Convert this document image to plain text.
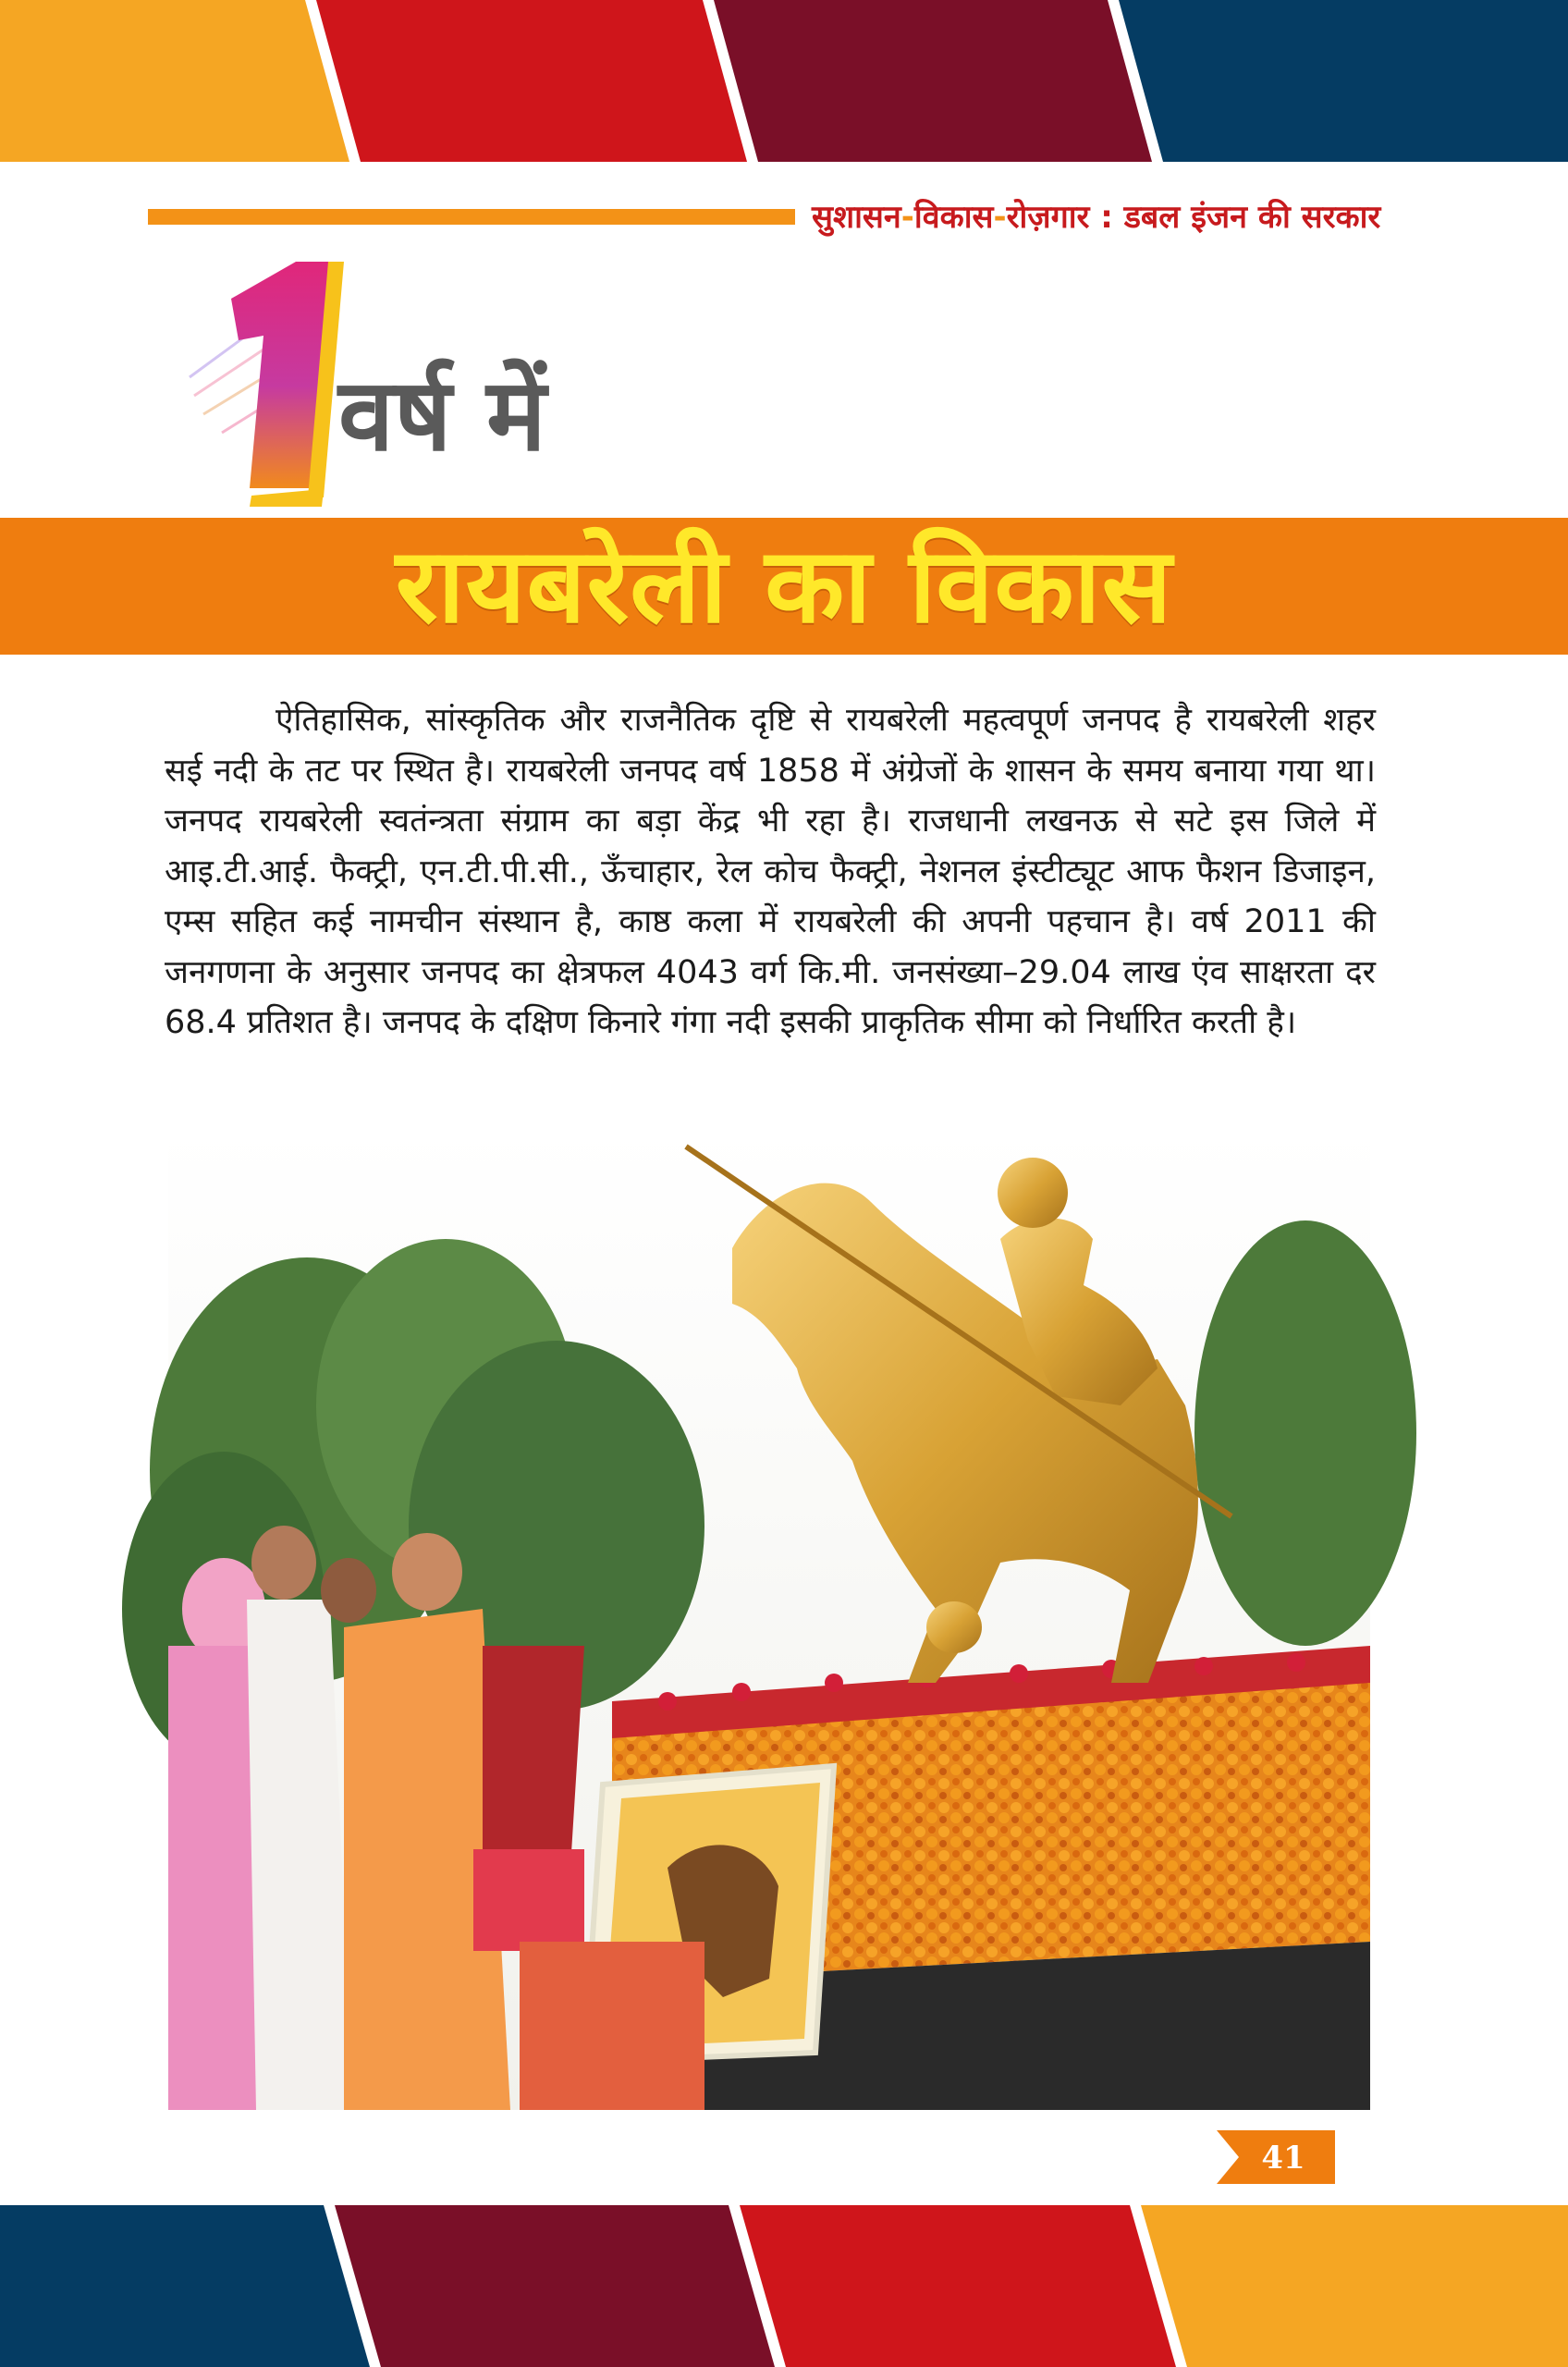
सुशासन-विकास-रोज़गार : डबल इंजन की सरकार
1
वर्ष में
रायबरेली का विकास
ऐतिहासिक, सांस्कृतिक और राजनैतिक दृष्टि से रायबरेली महत्वपूर्ण जनपद है रायबरेली शहर सई नदी के तट पर स्थित है। रायबरेली जनपद वर्ष 1858 में अंग्रेजों के शासन के समय बनाया गया था। जनपद रायबरेली स्वतंन्त्रता संग्राम का बड़ा केंद्र भी रहा है। राजधानी लखनऊ से सटे इस जिले में आइ.टी.आई. फैक्ट्री, एन.टी.पी.सी., ऊँचाहार, रेल कोच फैक्ट्री, नेशनल इंस्टीट्यूट आफ फैशन डिजाइन, एम्स सहित कई नामचीन संस्थान है, काष्ठ कला में रायबरेली की अपनी पहचान है। वर्ष 2011 की जनगणना के अनुसार जनपद का क्षेत्रफल 4043 वर्ग कि.मी. जनसंख्या–29.04 लाख एंव साक्षरता दर 68.4 प्रतिशत है। जनपद के दक्षिण किनारे गंगा नदी इसकी प्राकृतिक सीमा को निर्धारित करती है।
41
